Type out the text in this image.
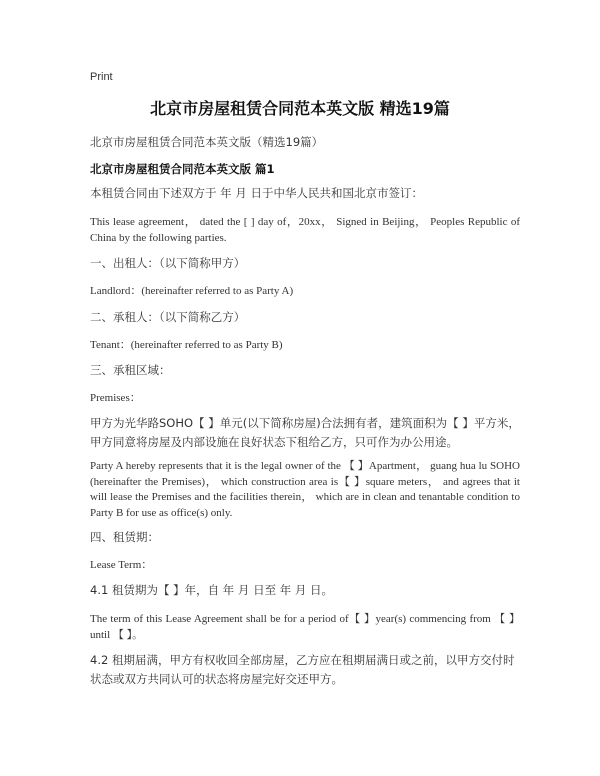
Print
北京市房屋租赁合同范本英文版 精选19篇
北京市房屋租赁合同范本英文版（精选19篇）
北京市房屋租赁合同范本英文版 篇1
本租赁合同由下述双方于 年 月 日于中华人民共和国北京市签订：
This lease agreement， dated the [ ] day of，20xx， Signed in Beijing， Peoples Republic of China by the following parties.
一、出租人：（以下简称甲方）
Landlord：(hereinafter referred to as Party A)
二、承租人：（以下简称乙方）
Tenant：(hereinafter referred to as Party B)
三、承租区域：
Premises：
甲方为光华路SOHO【 】单元(以下简称房屋)合法拥有者，建筑面积为【 】平方米，甲方同意将房屋及内部设施在良好状态下租给乙方，只可作为办公用途。
Party A hereby represents that it is the legal owner of the 【 】Apartment， guang hua lu SOHO (hereinafter the Premises)， which construction area is【 】square meters， and agrees that it will lease the Premises and the facilities therein， which are in clean and tenantable condition to Party B for use as office(s) only.
四、租赁期：
Lease Term：
4.1 租赁期为【 】年，自 年 月 日至 年 月 日。
The term of this Lease Agreement shall be for a period of【 】year(s) commencing from 【 】until 【 】。
4.2 租期届满，甲方有权收回全部房屋，乙方应在租期届满日或之前，以甲方交付时状态或双方共同认可的状态将房屋完好交还甲方。
